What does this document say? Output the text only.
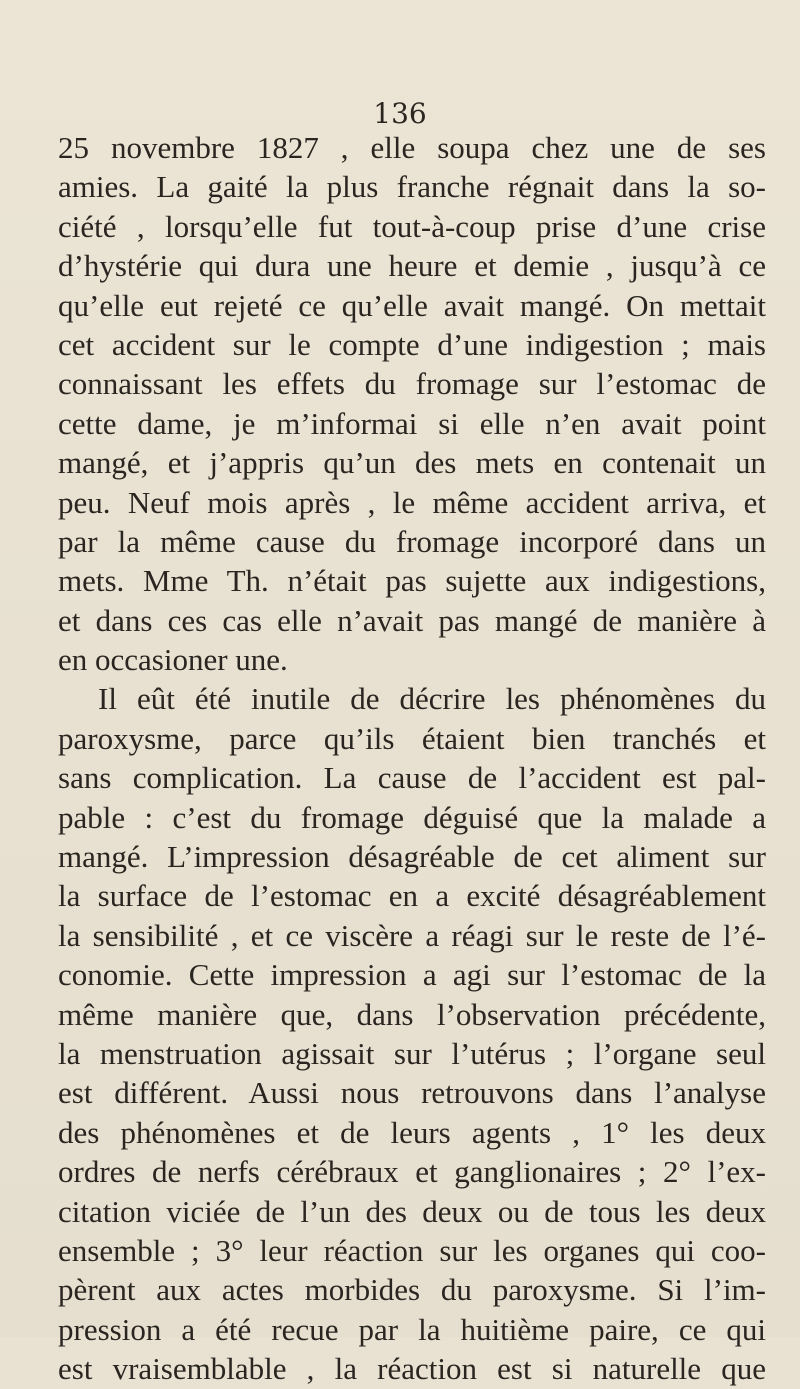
136
25 novembre 1827 , elle soupa chez une de ses
amies. La gaité la plus franche régnait dans la so-
ciété , lorsqu’elle fut tout-à-coup prise d’une crise
d’hystérie qui dura une heure et demie , jusqu’à ce
qu’elle eut rejeté ce qu’elle avait mangé. On mettait
cet accident sur le compte d’une indigestion ; mais
connaissant les effets du fromage sur l’estomac de
cette dame, je m’informai si elle n’en avait point
mangé, et j’appris qu’un des mets en contenait un
peu. Neuf mois après , le même accident arriva, et
par la même cause du fromage incorporé dans un
mets. Mme Th. n’était pas sujette aux indigestions,
et dans ces cas elle n’avait pas mangé de manière à
en occasioner une.
Il eût été inutile de décrire les phénomènes du
paroxysme, parce qu’ils étaient bien tranchés et
sans complication. La cause de l’accident est pal-
pable : c’est du fromage déguisé que la malade a
mangé. L’impression désagréable de cet aliment sur
la surface de l’estomac en a excité désagréablement
la sensibilité , et ce viscère a réagi sur le reste de l’é-
conomie. Cette impression a agi sur l’estomac de la
même manière que, dans l’observation précédente,
la menstruation agissait sur l’utérus ; l’organe seul
est différent. Aussi nous retrouvons dans l’analyse
des phénomènes et de leurs agents , 1° les deux
ordres de nerfs cérébraux et ganglionaires ; 2° l’ex-
citation viciée de l’un des deux ou de tous les deux
ensemble ; 3° leur réaction sur les organes qui coo-
pèrent aux actes morbides du paroxysme. Si l’im-
pression a été recue par la huitième paire, ce qui
est vraisemblable , la réaction est si naturelle que
